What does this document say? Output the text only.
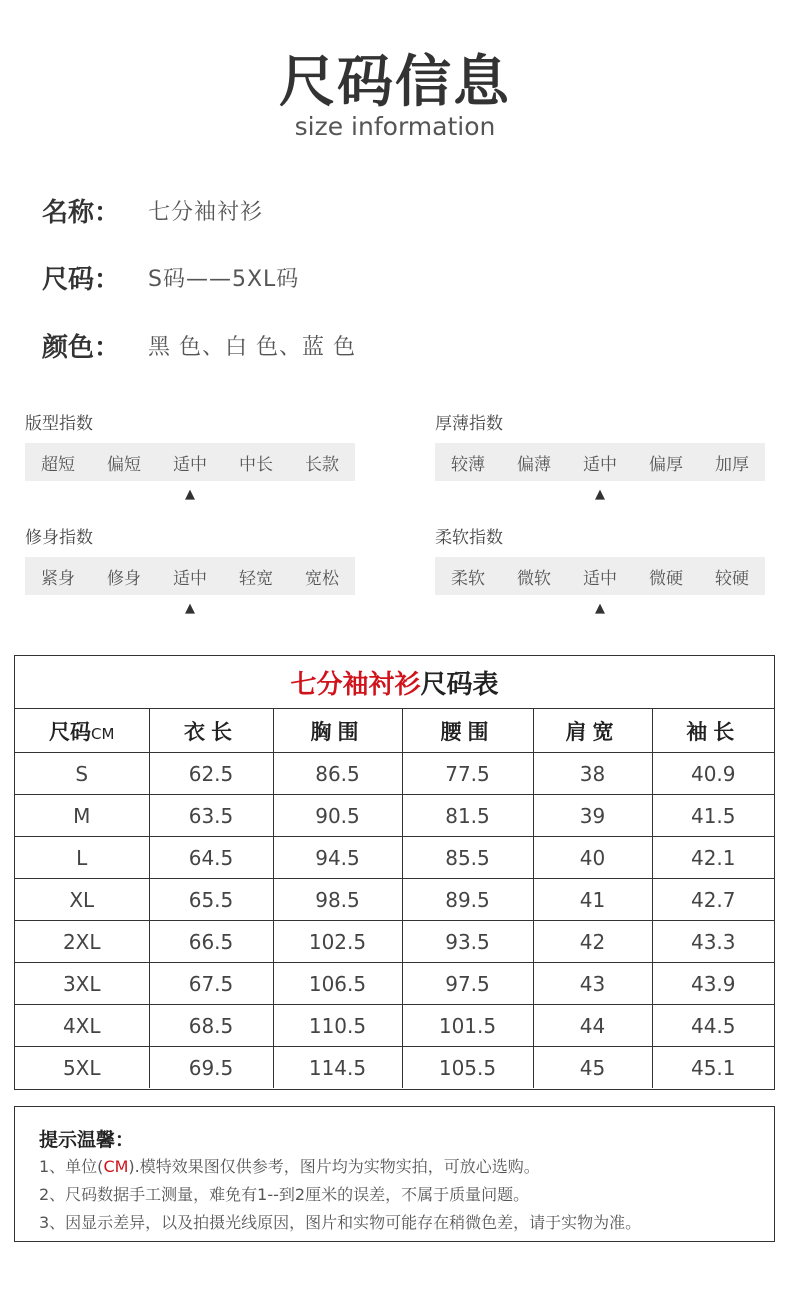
尺码信息
size information
名称：	七分袖衬衫
尺码：	S码——5XL码
颜色：	黑 色、白 色、蓝 色
版型指数
超短	偏短	适中	中长	长款
▲
厚薄指数
较薄	偏薄	适中	偏厚	加厚
▲
修身指数
紧身	修身	适中	轻宽	宽松
▲
柔软指数
柔软	微软	适中	微硬	较硬
▲
七分袖衬衫 尺码表
尺码CM	衣长	胸围	腰围	肩宽	袖长
S	62.5	86.5	77.5	38	40.9
M	63.5	90.5	81.5	39	41.5
L	64.5	94.5	85.5	40	42.1
XL	65.5	98.5	89.5	41	42.7
2XL	66.5	102.5	93.5	42	43.3
3XL	67.5	106.5	97.5	43	43.9
4XL	68.5	110.5	101.5	44	44.5
5XL	69.5	114.5	105.5	45	45.1
提示温馨：
1、单位(CM).模特效果图仅供参考，图片均为实物实拍，可放心选购。
2、尺码数据手工测量，难免有1--到2厘米的误差，不属于质量问题。
3、因显示差异，以及拍摄光线原因，图片和实物可能存在稍微色差，请于实物为准。
